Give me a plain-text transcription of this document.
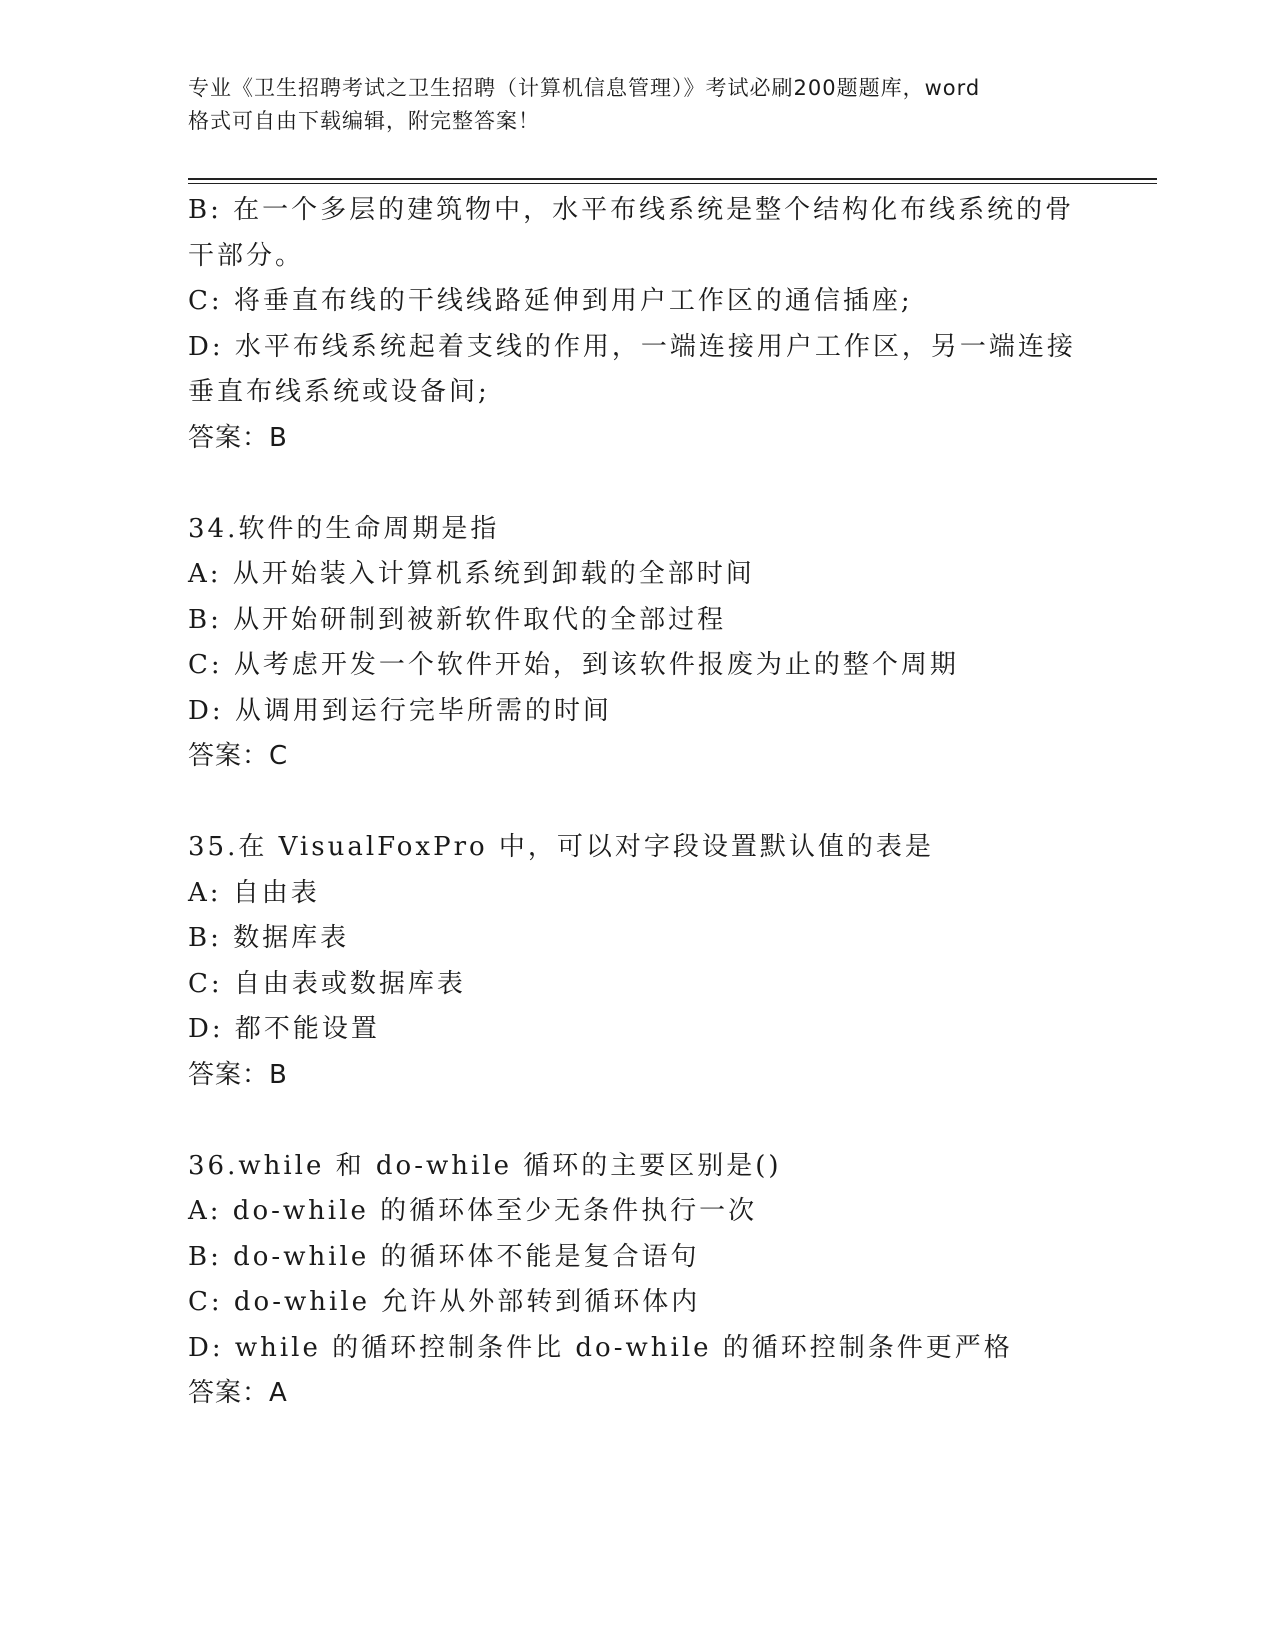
专业《卫生招聘考试之卫生招聘（计算机信息管理）》考试必刷200题题库，word
格式可自由下载编辑，附完整答案！
B: 在一个多层的建筑物中，水平布线系统是整个结构化布线系统的骨
干部分。
C: 将垂直布线的干线线路延伸到用户工作区的通信插座;
D: 水平布线系统起着支线的作用，一端连接用户工作区，另一端连接
垂直布线系统或设备间;
答案：B
34.软件的生命周期是指
A: 从开始装入计算机系统到卸载的全部时间
B: 从开始研制到被新软件取代的全部过程
C: 从考虑开发一个软件开始，到该软件报废为止的整个周期
D: 从调用到运行完毕所需的时间
答案：C
35.在 VisualFoxPro 中，可以对字段设置默认值的表是
A: 自由表
B: 数据库表
C: 自由表或数据库表
D: 都不能设置
答案：B
36.while 和 do-while 循环的主要区别是()
A: do-while 的循环体至少无条件执行一次
B: do-while 的循环体不能是复合语句
C: do-while 允许从外部转到循环体内
D: while 的循环控制条件比 do-while 的循环控制条件更严格
答案：A
